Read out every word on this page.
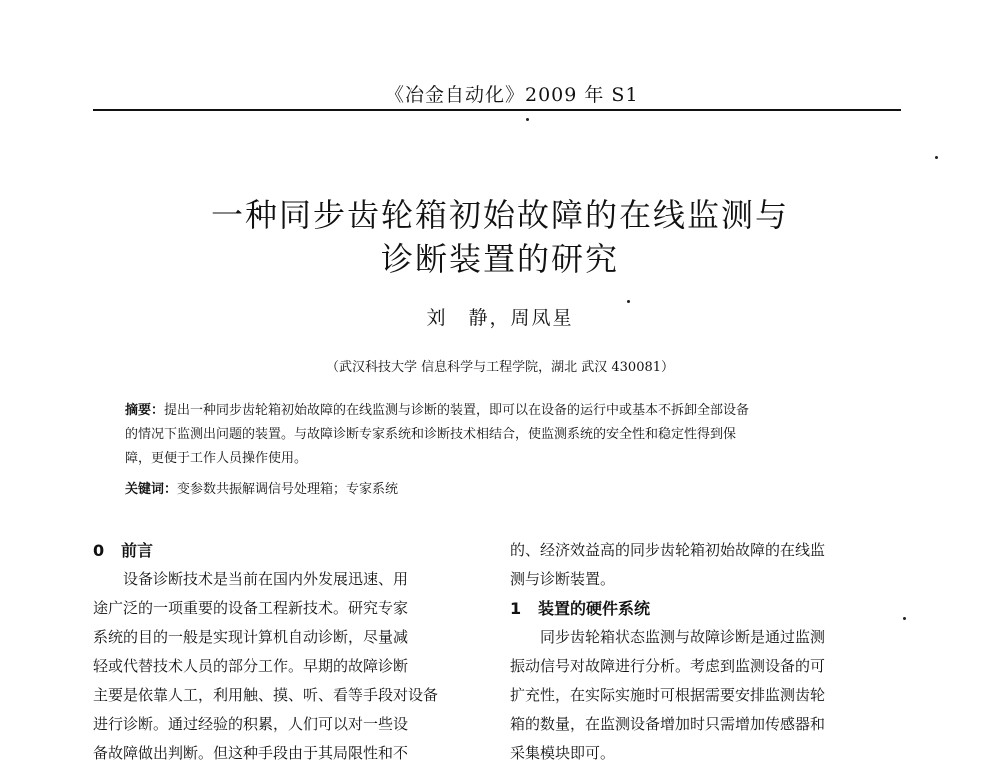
《冶金自动化》2009 年 S1
一种同步齿轮箱初始故障的在线监测与
诊断装置的研究
刘　静，周凤星
（武汉科技大学 信息科学与工程学院，湖北 武汉 430081）
摘要：提出一种同步齿轮箱初始故障的在线监测与诊断的装置，即可以在设备的运行中或基本不拆卸全部设备
的情况下监测出问题的装置。与故障诊断专家系统和诊断技术相结合，使监测系统的安全性和稳定性得到保
障，更便于工作人员操作使用。
关键词：变参数共振解调信号处理箱；专家系统
0 前言
设备诊断技术是当前在国内外发展迅速、用
途广泛的一项重要的设备工程新技术。研究专家
系统的目的一般是实现计算机自动诊断，尽量减
轻或代替技术人员的部分工作。早期的故障诊断
主要是依靠人工，利用触、摸、听、看等手段对设备
进行诊断。通过经验的积累，人们可以对一些设
备故障做出判断。但这种手段由于其局限性和不
的、经济效益高的同步齿轮箱初始故障的在线监
测与诊断装置。
1 装置的硬件系统
同步齿轮箱状态监测与故障诊断是通过监测
振动信号对故障进行分析。考虑到监测设备的可
扩充性，在实际实施时可根据需要安排监测齿轮
箱的数量，在监测设备增加时只需增加传感器和
采集模块即可。
